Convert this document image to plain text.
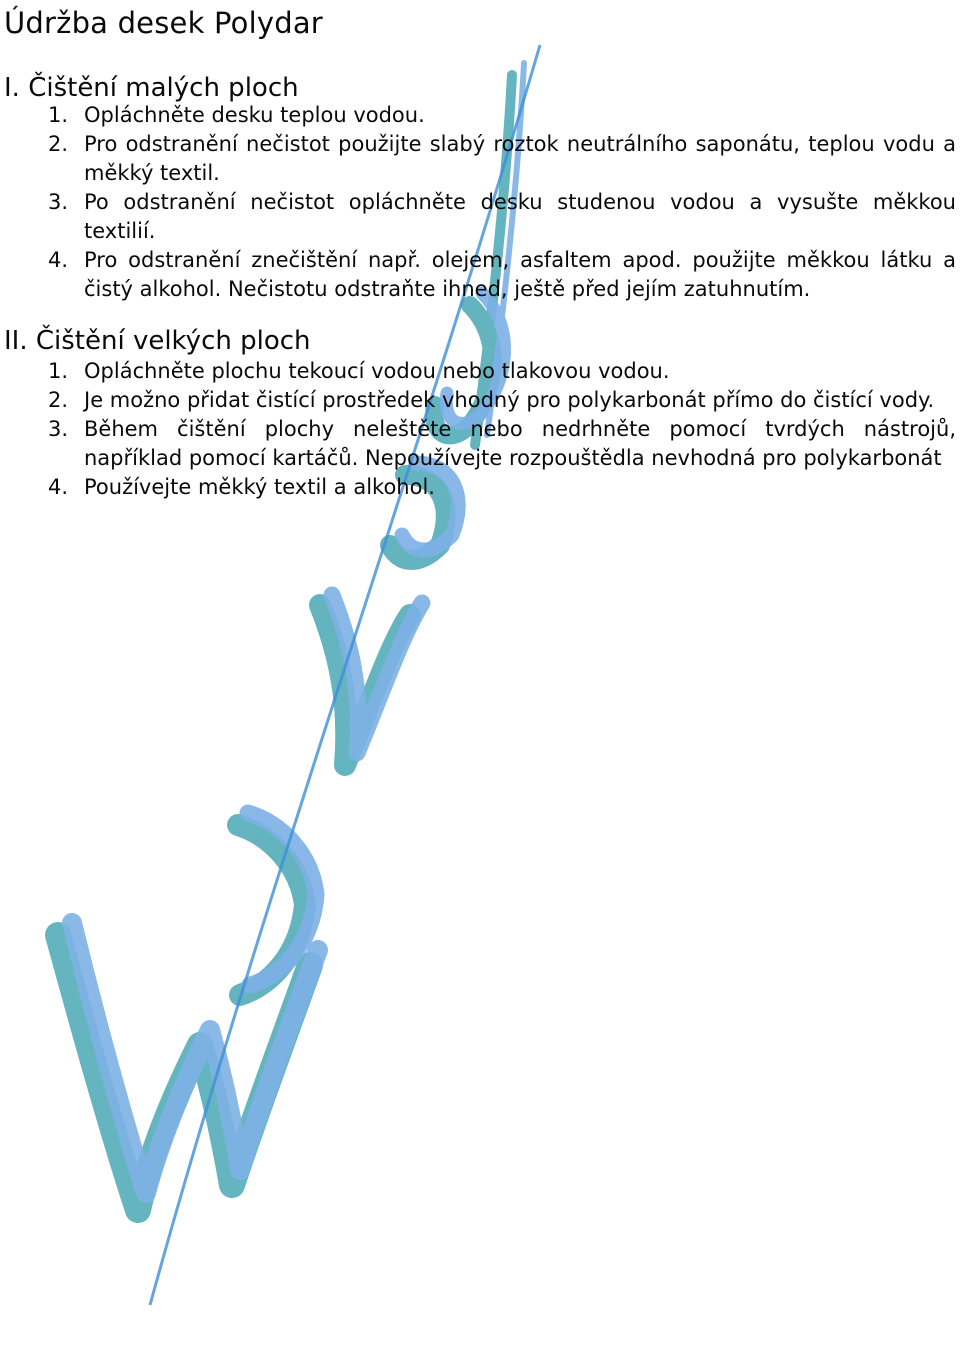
Údržba desek Polydar
I. Čištění malých ploch
1. Opláchněte desku teplou vodou.
2. Pro odstranění nečistot použijte slabý roztok neutrálního saponátu, teplou vodu a měkký textil.
3. Po odstranění nečistot opláchněte desku studenou vodou a vysušte měkkou textilií.
4. Pro odstranění znečištění např. olejem, asfaltem apod. použijte měkkou látku a čistý alkohol. Nečistotu odstraňte ihned, ještě před jejím zatuhnutím.
II. Čištění velkých ploch
1. Opláchněte plochu tekoucí vodou nebo tlakovou vodou.
2. Je možno přidat čistící prostředek vhodný pro polykarbonát přímo do čistící vody.
3. Během čištění plochy neleštěte nebo nedrhněte pomocí tvrdých nástrojů, například pomocí kartáčů. Nepoužívejte rozpouštědla nevhodná pro polykarbonát
4. Používejte měkký textil a alkohol.
